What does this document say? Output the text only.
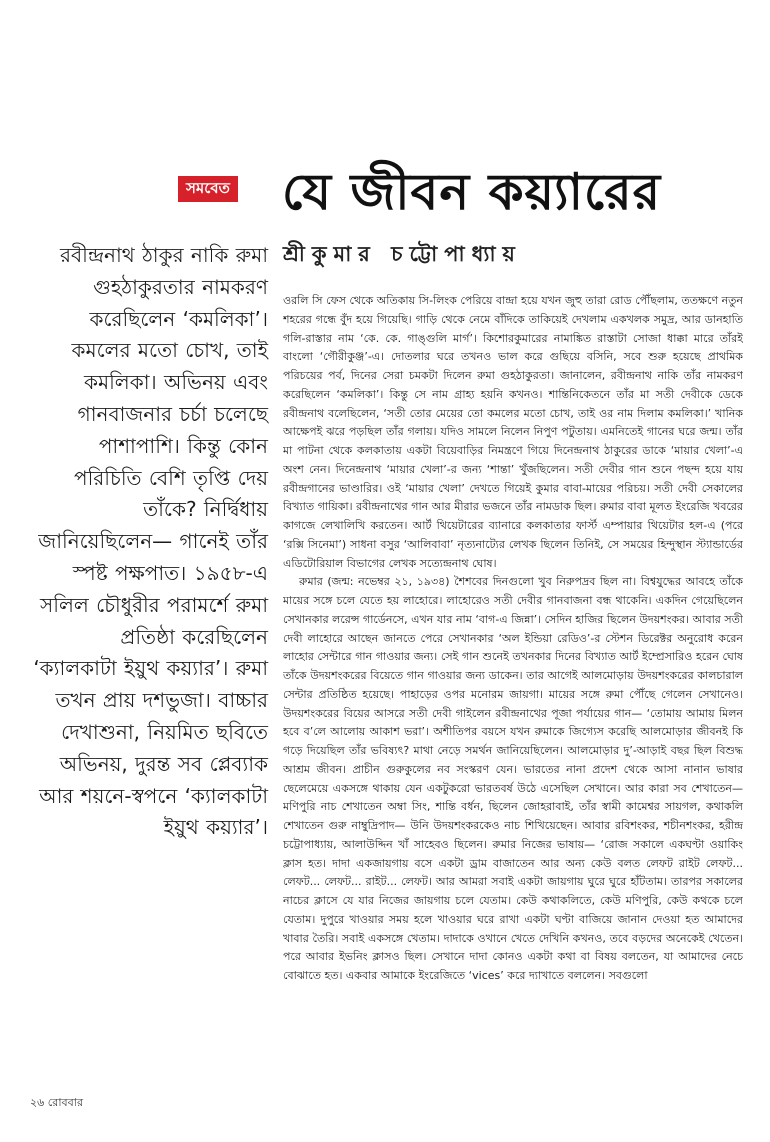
সমবেত যে জীবন কয়্যারের
শ্রীকুমার চট্টোপাধ্যায়

রবীন্দ্রনাথ ঠাকুর নাকি রুমা গুহঠাকুরতার নামকরণ করেছিলেন ‘কমলিকা’। কমলের মতো চোখ, তাই কমলিকা। অভিনয় এবং গানবাজনার চর্চা চলেছে পাশাপাশি। কিন্তু কোন পরিচিতি বেশি তৃপ্তি দেয় তাঁকে? নির্দ্বিধায় জানিয়েছিলেন— গানেই তাঁর স্পষ্ট পক্ষপাত। ১৯৫৮-এ সলিল চৌধুরীর পরামর্শে রুমা প্রতিষ্ঠা করেছিলেন ‘ক্যালকাটা ইয়ুথ কয়্যার’। রুমা তখন প্রায় দশভুজা। বাচ্চার দেখাশুনা, নিয়মিত ছবিতে অভিনয়, দুরন্ত সব প্লেব্যাক আর শয়নে-স্বপনে ‘ক্যালকাটা ইয়ুথ কয়্যার’।

ওরলি সি ফেস থেকে অতিকায় সি-লিংক পেরিয়ে বান্দ্রা হয়ে যখন জুহু তারা রোড পৌঁছলাম, ততক্ষণে নতুন শহরের গন্ধে বুঁদ হয়ে গিয়েছি। গাড়ি থেকে নেমে বাঁদিকে তাকিয়েই দেখলাম একখলক সমুদ্র, আর ডানহাতি গলি-রাস্তার নাম ‘কে. কে. গাঙ্গুলি মার্গ’। কিশোরকুমারের নামাঙ্কিত রাস্তাটা সোজা ধাক্কা মারে তাঁরই বাংলো ‘গৌরীকুঞ্জ’-এ। দোতলার ঘরে তখনও ভাল করে গুছিয়ে বসিনি, সবে শুরু হয়েছে প্রাথমিক পরিচয়ের পর্ব, দিনের সেরা চমকটা দিলেন রুমা গুহঠাকুরতা। জানালেন, রবীন্দ্রনাথ নাকি তাঁর নামকরণ করেছিলেন ‘কমলিকা’। কিন্তু সে নাম গ্রাহ্য হয়নি কখনও। শান্তিনিকেতনে তাঁর মা সতী দেবীকে ডেকে রবীন্দ্রনাথ বলেছিলেন, ‘সতী তোর মেয়ের তো কমলের মতো চোখ, তাই ওর নাম দিলাম কমলিকা।’ খানিক আক্ষেপই ঝরে পড়ছিল তাঁর গলায়। যদিও সামলে নিলেন নিপুণ পটুতায়। এমনিতেই গানের ঘরে জন্ম। তাঁর মা পাটনা থেকে কলকাতায় একটা বিয়েবাড়ির নিমন্ত্রণে গিয়ে দিনেন্দ্রনাথ ঠাকুরের ডাকে ‘মায়ার খেলা’-এ অংশ নেন। দিনেন্দ্রনাথ ‘মায়ার খেলা’-র জন্য ‘শান্তা’ খুঁজছিলেন। সতী দেবীর গান শুনে পছন্দ হয়ে যায় রবীন্দ্রগানের ভাণ্ডারির। ওই ‘মায়ার খেলা’ দেখতে গিয়েই কুমার বাবা-মায়ের পরিচয়। সতী দেবী সেকালের বিখ্যাত গায়িকা। রবীন্দ্রনাথের গান আর মীরার ভজনে তাঁর নামডাক ছিল। রুমার বাবা মূলত ইংরেজি খবরের কাগজে লেখালিখি করতেন। আর্ট থিয়েটারের ব্যানারে কলকাতার ফার্স্ট এম্পায়ার থিয়েটার হল-এ (পরে ‘রক্সি সিনেমা’) সাধনা বসুর ‘আলিবাবা’ নৃত্যনাট্যের লেখক ছিলেন তিনিই, সে সময়ের হিন্দুস্থান স্ট্যান্ডার্ডের এডিটোরিয়াল বিভাগের লেখক সত্যেন্দ্রনাথ ঘোষ।

রুমার (জন্ম: নভেম্বর ২১, ১৯৩৪) শৈশবের দিনগুলো খুব নিরুপদ্রব ছিল না। বিশ্বযুদ্ধের আবহে তাঁকে মায়ের সঙ্গে চলে যেতে হয় লাহোরে। লাহোরেও সতী দেবীর গানবাজনা বন্ধ থাকেনি। একদিন গেয়েছিলেন সেখানকার লরেন্স গার্ডেনসে, এখন যার নাম ‘বাগ-এ জিন্না’। সেদিন হাজির ছিলেন উদয়শংকর। আবার সতী দেবী লাহোরে আছেন জানতে পেরে সেখানকার ‘অল ইন্ডিয়া রেডিও’-র স্টেশন ডিরেক্টর অনুরোধ করেন লাহোর সেন্টারে গান গাওয়ার জন্য। সেই গান শুনেই তখনকার দিনের বিখ্যাত আর্ট ইম্প্রেসারিও হরেন ঘোষ তাঁকে উদয়শংকরের বিয়েতে গান গাওয়ার জন্য ডাকেন। তার আগেই আলমোড়ায় উদয়শংকরের কালচারাল সেন্টার প্রতিষ্ঠিত হয়েছে। পাহাড়ের ওপর মনোরম জায়গা। মায়ের সঙ্গে রুমা পৌঁছে গেলেন সেখানেও। উদয়শংকরের বিয়ের আসরে সতী দেবী গাইলেন রবীন্দ্রনাথের পূজা পর্যায়ের গান— ‘তোমায় আমায় মিলন হবে ব’লে আলোয় আকাশ ভরা’। অশীতিপর বয়সে যখন রুমাকে জিগ্যেস করেছি আলমোড়ার জীবনই কি গড়ে দিয়েছিল তাঁর ভবিষ্যৎ? মাথা নেড়ে সমর্থন জানিয়েছিলেন। আলমোড়ার দু’-আড়াই বছর ছিল বিশুদ্ধ আশ্রম জীবন। প্রাচীন গুরুকুলের নব সংস্করণ যেন। ভারতের নানা প্রদেশ থেকে আসা নানান ভাষার ছেলেমেয়ে একসঙ্গে থাকায় যেন একটুকরো ভারতবর্ষ উঠে এসেছিল সেখানে। আর কারা সব শেখাতেন— মণিপুরি নাচ শেখাতেন অম্বা সিং, শান্তি বর্ধন, ছিলেন জোহরাবাই, তাঁর স্বামী কামেশ্বর সায়গল, কথাকলি শেখাতেন গুরু নাম্বুদ্রিপাদ— উনি উদয়শংকরকেও নাচ শিখিয়েছেন। আবার রবিশংকর, শচীনশংকর, হরীন্দ্র চট্টোপাধ্যায়, আলাউদ্দিন খাঁ সাহেবও ছিলেন। রুমার নিজের ভাষায়— ‘রোজ সকালে একঘণ্টা ওয়াকিং ক্লাস হত। দাদা একজায়গায় বসে একটা ড্রাম বাজাতেন আর অন্য কেউ বলত লেফট রাইট লেফট... লেফট... লেফট... রাইট... লেফট। আর আমরা সবাই একটা জায়গায় ঘুরে ঘুরে হাঁটতাম। তারপর সকালের নাচের ক্লাসে যে যার নিজের জায়গায় চলে যেতাম। কেউ কথাকলিতে, কেউ মণিপুরি, কেউ কথকে চলে যেতাম। দুপুরে খাওয়ার সময় হলে খাওয়ার ঘরে রাখা একটা ঘণ্টা বাজিয়ে জানান দেওয়া হত আমাদের খাবার তৈরি। সবাই একসঙ্গে খেতাম। দাদাকে ওখানে খেতে দেখিনি কখনও, তবে বড়দের অনেকেই খেতেন। পরে আবার ইভনিং ক্লাসও ছিল। সেখানে দাদা কোনও একটা কথা বা বিষয় বলতেন, যা আমাদের নেচে বোঝাতে হত। একবার আমাকে ইংরেজিতে ‘vices’ করে দ্যাখাতে বললেন। সবগুলো

২৬ রোববার
